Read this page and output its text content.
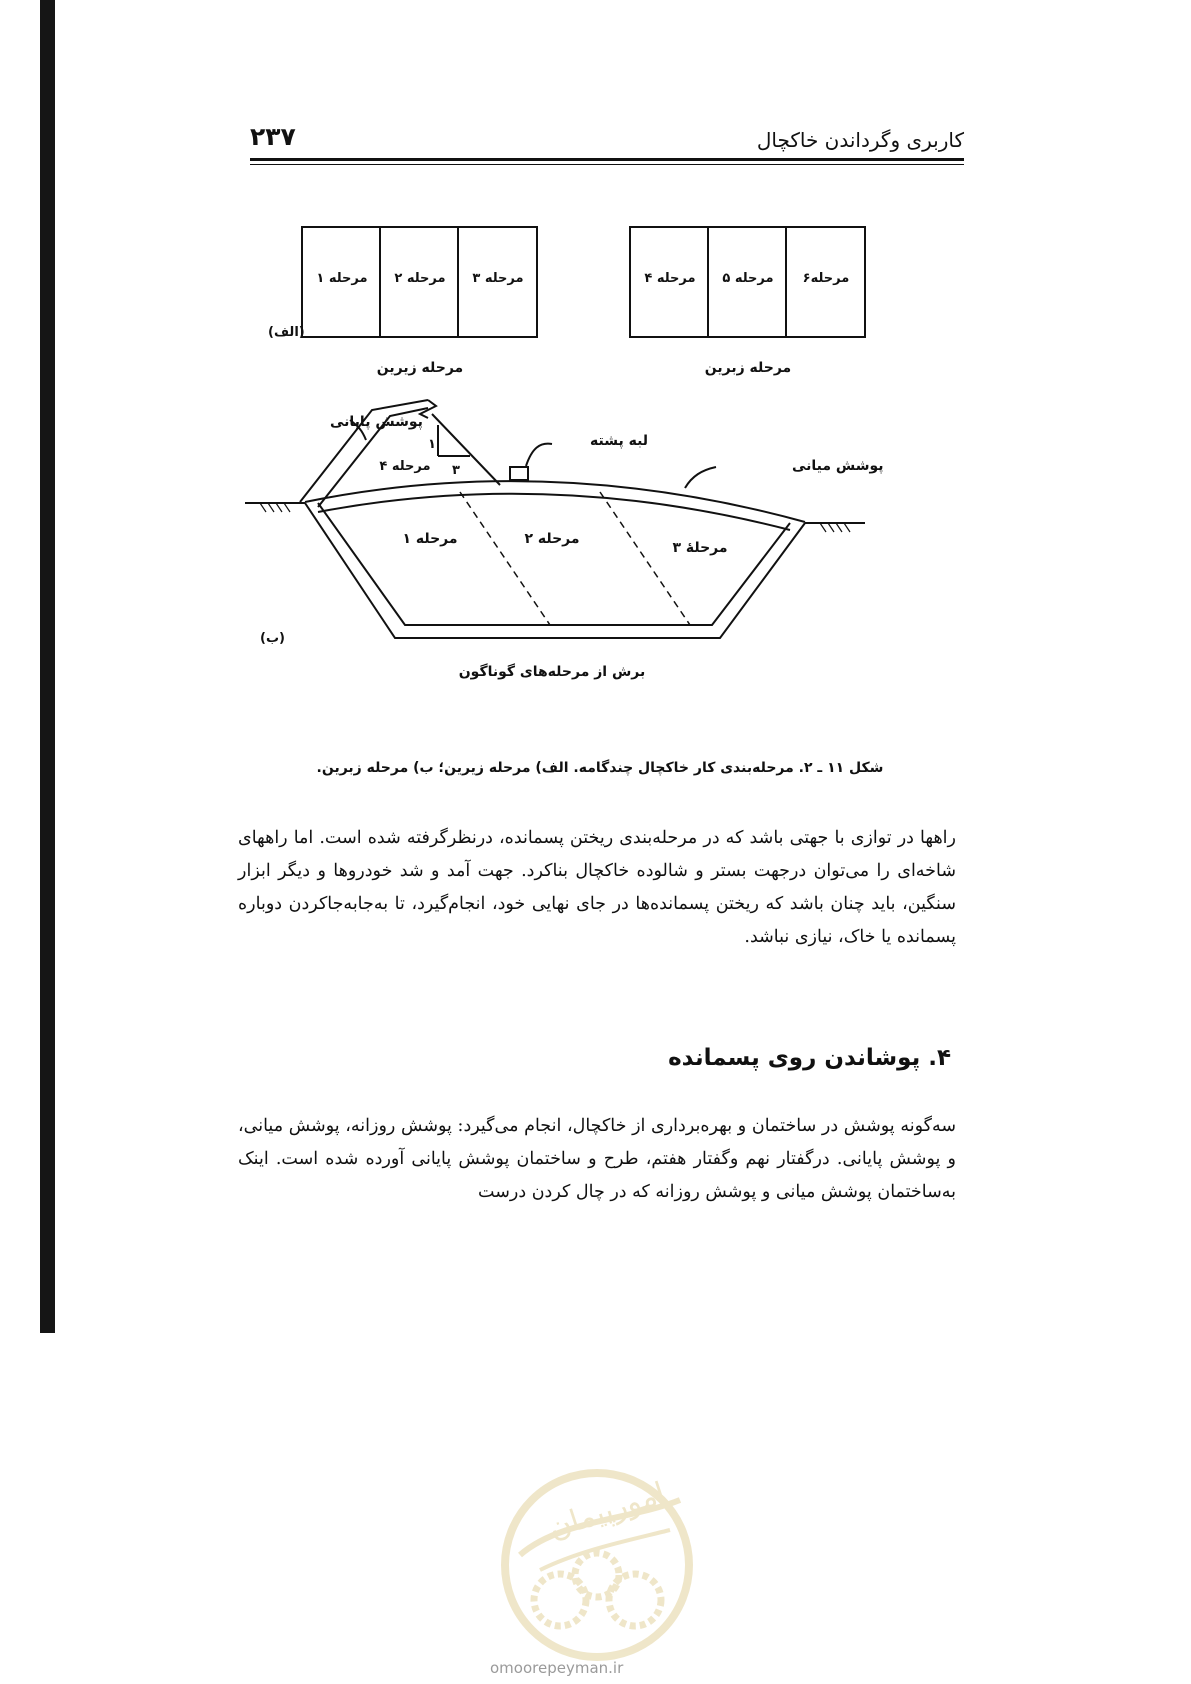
۲۳۷	کاربری وگرداندن خاکچال
مرحله ۱ مرحله ۲ مرحله ۳
(الف)
مرحله زیرین
مرحله ۴ مرحله ۵ مرحله۶
مرحله زبرین
پوشش پایانی
لبه پشته
پوشش میانی
مرحله ۴
۱
۳
مرحله ۱	مرحله ۲
مرحلهٔ ۳
(ب)
برش از مرحله‌های گوناگون
شکل ۱۱ ـ ۲. مرحله‌بندی کار خاکچال چندگامه. الف) مرحله زیرین؛ ب) مرحله زبرین.
راهها در توازی با جهتی باشد که در مرحله‌بندی ریختن پسمانده، درنظرگرفته شده است. اما راههای شاخه‌ای را می‌توان درجهت بستر و شالوده خاکچال بناکرد. جهت آمد و شد خودروها و دیگر ابزار سنگین، باید چنان باشد که ریختن پسمانده‌ها در جای نهایی خود، انجام‌گیرد، تا به‌جابه‌جاکردن دوباره پسمانده یا خاک، نیازی نباشد.
۴. پوشاندن روی پسمانده
سه‌گونه پوشش در ساختمان و بهره‌برداری از خاکچال، انجام می‌گیرد: پوشش روزانه، پوشش میانی، و پوشش پایانی. درگفتار نهم وگفتار هفتم، طرح و ساختمان پوشش پایانی آورده شده است. اینک به‌ساختمان پوشش میانی و پوشش روزانه که در چال کردن درست
امورپیمان
omoorepeyman.ir
